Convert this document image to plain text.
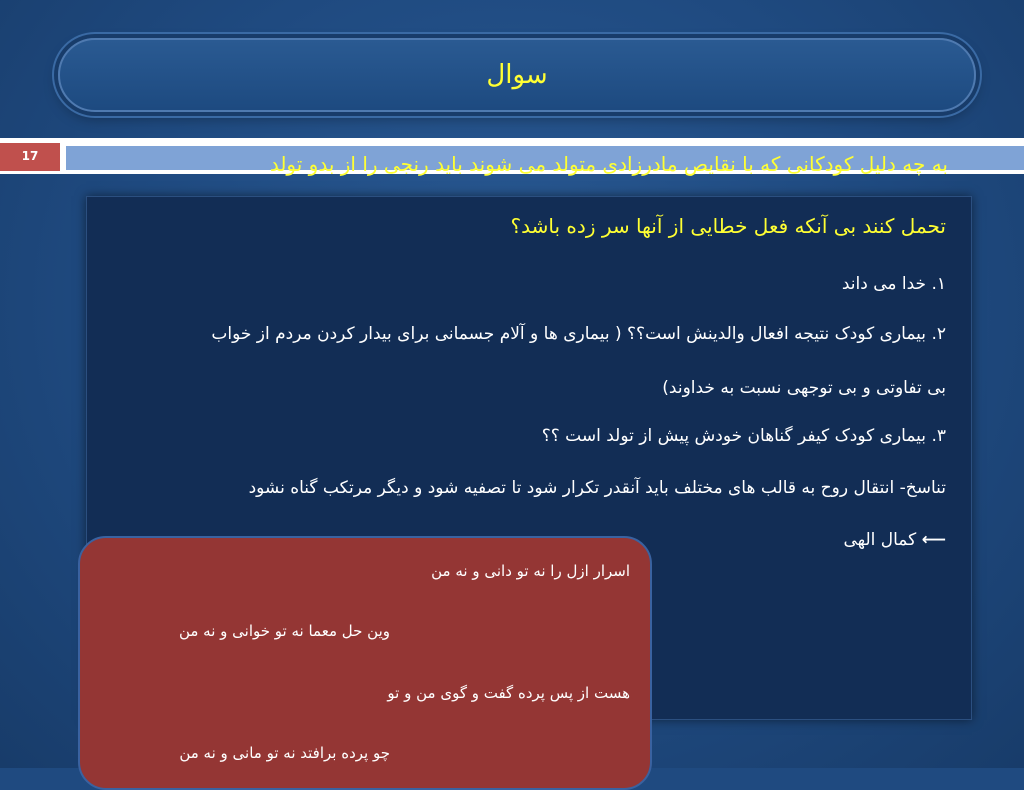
سوال
17	به چه دلیل کودکانی که با نقایص مادرزادی متولد می شوند باید رنجی را از بدو تولد
تحمل کنند بی آنکه فعل خطایی از آنها سر زده باشد؟
۱. خدا می داند
۲. بیماری کودک نتیجه افعال والدینش است؟؟ ( بیماری ها و آلام جسمانی برای بیدار کردن مردم از خواب
بی تفاوتی و بی توجهی نسبت به خداوند)
۳. بیماری کودک کیفر گناهان خودش پیش از تولد است ؟؟
تناسخ- انتقال روح به قالب های مختلف باید آنقدر تکرار شود تا تصفیه شود و دیگر مرتکب گناه نشود
⟵ کمال الهی
اسرار ازل را نه تو دانی و نه من
وین حل معما نه تو خوانی و نه من
هست از پس پرده گفت و گوی من و تو
چو پرده برافتد نه تو مانی و نه من
